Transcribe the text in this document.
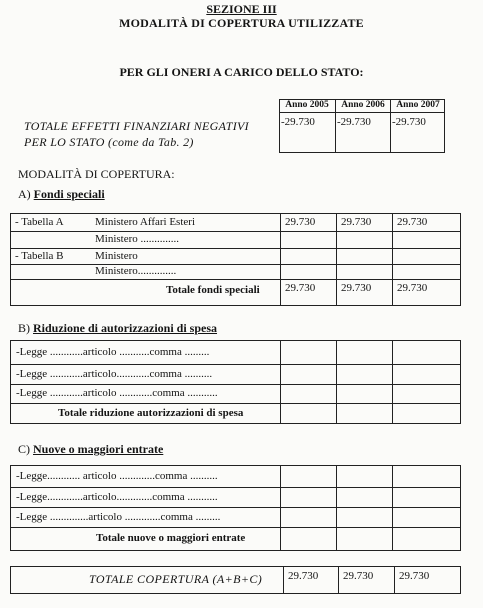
SEZIONE III
MODALITÀ DI COPERTURA UTILIZZATE
PER GLI ONERI A CARICO DELLO STATO:
Anno 2005	Anno 2006	Anno 2007
TOTALE EFFETTI FINANZIARI NEGATIVI
PER LO STATO (come da Tab. 2)
-29.730 -29.730 -29.730
MODALITÀ DI COPERTURA:
A) Fondi speciali
- Tabella A	Ministero Affari Esteri	29.730 29.730 29.730
Ministero ..............
- Tabella B	Ministero
Ministero..............
Totale fondi speciali 29.730 29.730 29.730
B) Riduzione di autorizzazioni di spesa
-Legge ............articolo ...........comma .........
-Legge ............articolo............comma ..........
-Legge ............articolo ............comma ...........
Totale riduzione autorizzazioni di spesa
C) Nuove o maggiori entrate
-Legge............ articolo .............comma ..........
-Legge.............articolo.............comma ...........
-Legge ..............articolo .............comma .........
Totale nuove o maggiori entrate
TOTALE COPERTURA (A+B+C) 29.730 29.730 29.730
